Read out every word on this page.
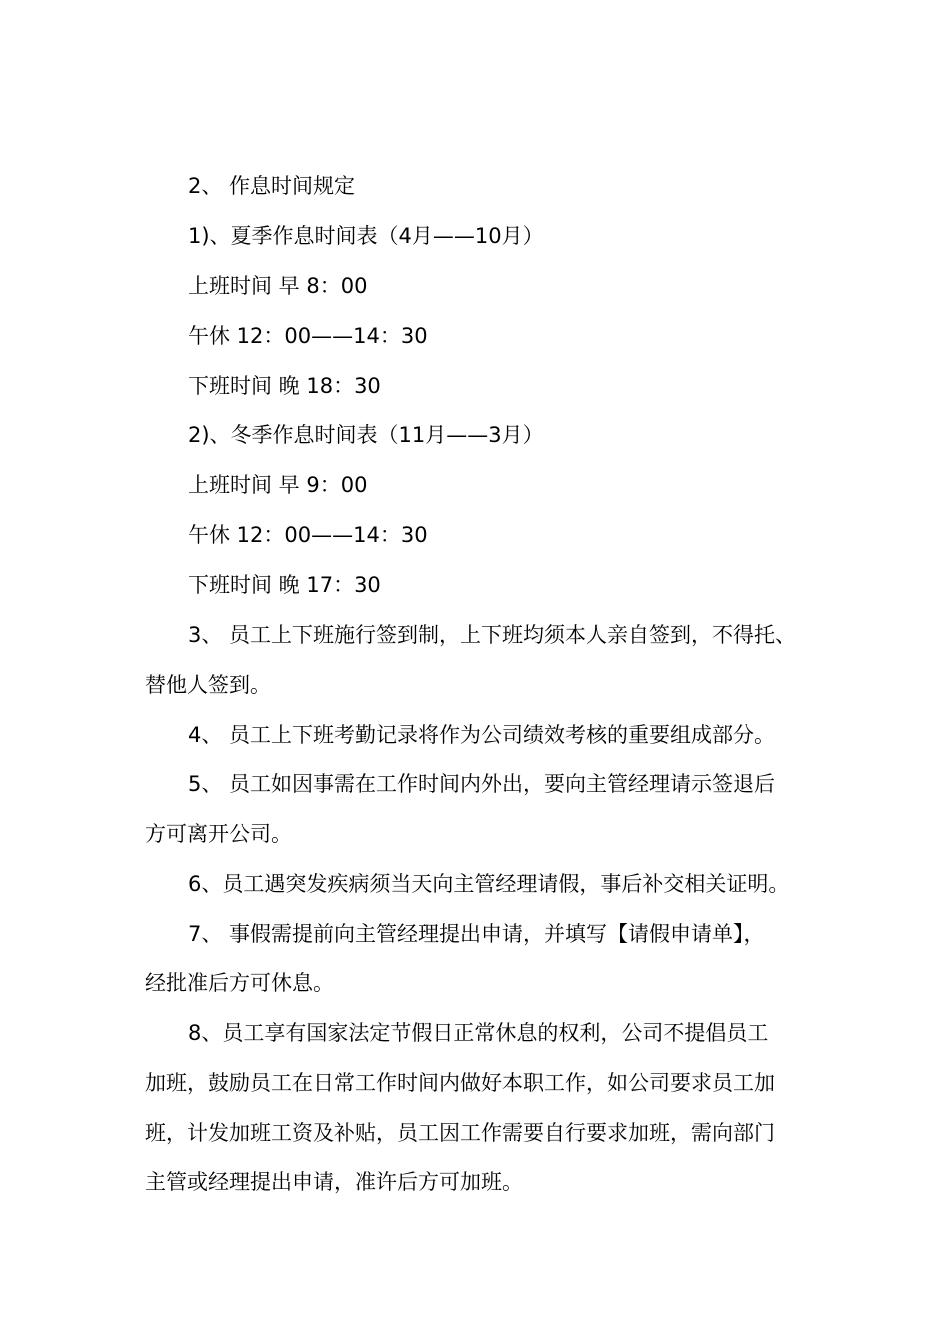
2、 作息时间规定
1)、夏季作息时间表（4月——10月）
上班时间 早 8：00
午休 12：00——14：30
下班时间 晚 18：30
2)、冬季作息时间表（11月——3月）
上班时间 早 9：00
午休 12：00——14：30
下班时间 晚 17：30
3、 员工上下班施行签到制，上下班均须本人亲自签到，不得托、
替他人签到。
4、 员工上下班考勤记录将作为公司绩效考核的重要组成部分。
5、 员工如因事需在工作时间内外出，要向主管经理请示签退后
方可离开公司。
6、员工遇突发疾病须当天向主管经理请假，事后补交相关证明。
7、 事假需提前向主管经理提出申请，并填写【请假申请单】，
经批准后方可休息。
8、员工享有国家法定节假日正常休息的权利，公司不提倡员工
加班，鼓励员工在日常工作时间内做好本职工作，如公司要求员工加
班，计发加班工资及补贴，员工因工作需要自行要求加班，需向部门
主管或经理提出申请，准许后方可加班。
